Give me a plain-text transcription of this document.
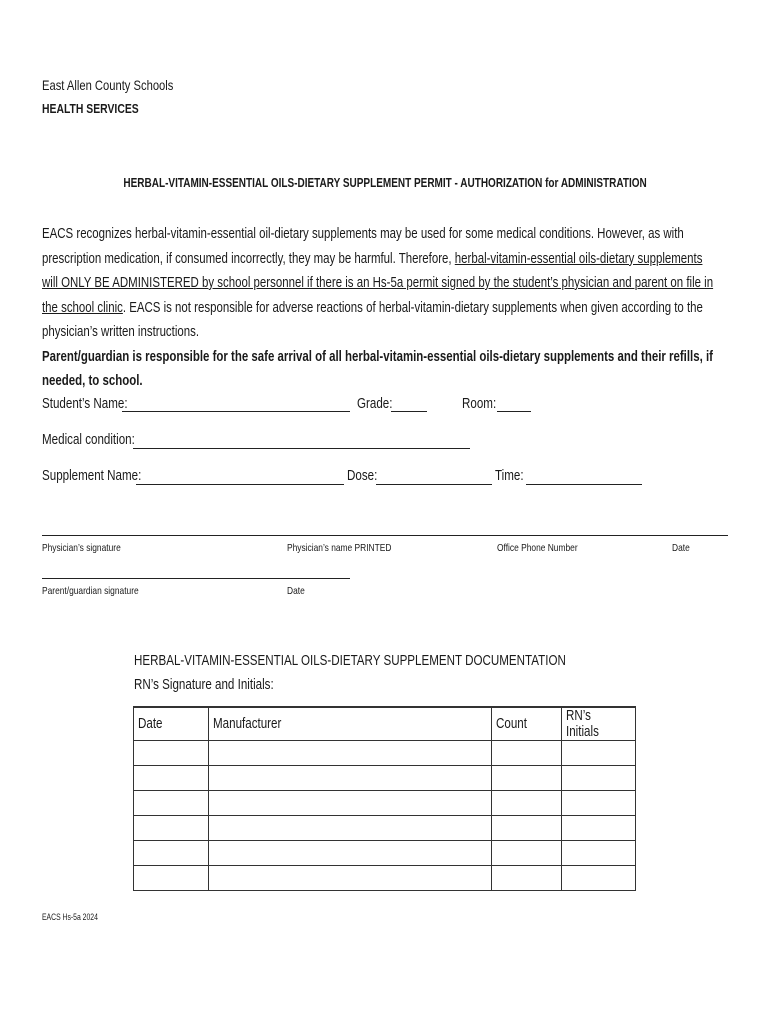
East Allen County Schools
HEALTH SERVICES
HERBAL-VITAMIN-ESSENTIAL OILS-DIETARY SUPPLEMENT PERMIT - AUTHORIZATION for ADMINISTRATION
EACS recognizes herbal-vitamin-essential oil-dietary supplements may be used for some medical conditions. However, as with prescription medication, if consumed incorrectly, they may be harmful. Therefore, herbal-vitamin-essential oils-dietary supplements will ONLY BE ADMINISTERED by school personnel if there is an Hs-5a permit signed by the student’s physician and parent on file in the school clinic. EACS is not responsible for adverse reactions of herbal-vitamin-dietary supplements when given according to the physician’s written instructions.
Parent/guardian is responsible for the safe arrival of all herbal-vitamin-essential oils-dietary supplements and their refills, if needed, to school.
Student’s Name:	Grade:	Room:
Medical condition:
Supplement Name:	Dose:	Time:
Physician’s signature	Physician’s name PRINTED	Office Phone Number	Date
Parent/guardian signature	Date
HERBAL-VITAMIN-ESSENTIAL OILS-DIETARY SUPPLEMENT DOCUMENTATION
RN’s Signature and Initials:
Date	Manufacturer	Count	RN’s Initials

EACS Hs-5a 2024
